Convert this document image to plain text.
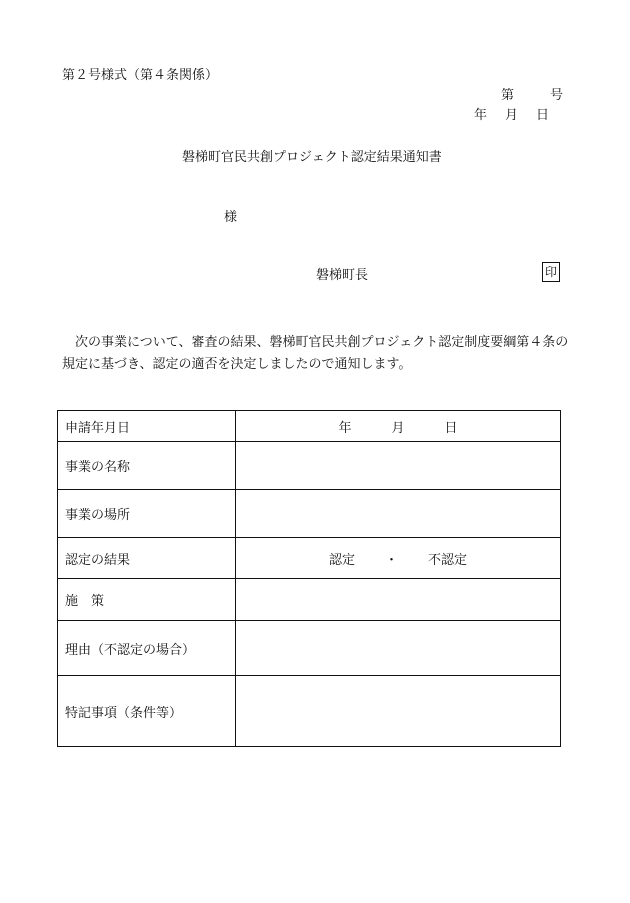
第２号様式（第４条関係）
第	号
年 月 日
磐梯町官民共創プロジェクト認定結果通知書
様
磐梯町長	印
次の事業について、審査の結果、磐梯町官民共創プロジェクト認定制度要綱第４条の規定に基づき、認定の適否を決定しましたので通知します。
申請年月日	年 月 日
事業の名称	
事業の場所	
認定の結果	認定 ・ 不認定
施　策	
理由（不認定の場合）	
特記事項（条件等）	
